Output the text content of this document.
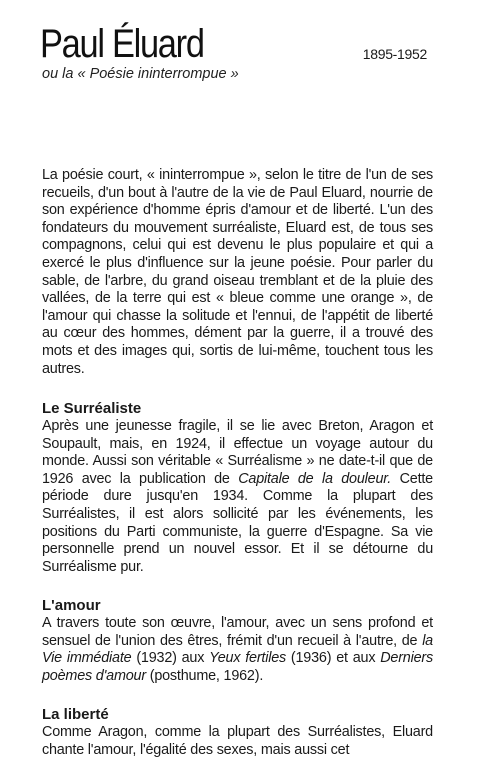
Paul Éluard	1895-1952
ou la « Poésie ininterrompue »

La poésie court, « ininterrompue », selon le titre de l'un de ses recueils, d'un bout à l'autre de la vie de Paul Eluard, nourrie de son expérience d'homme épris d'amour et de liberté. L'un des fondateurs du mouvement surréaliste, Eluard est, de tous ses compagnons, celui qui est devenu le plus populaire et qui a exercé le plus d'influence sur la jeune poésie. Pour parler du sable, de l'arbre, du grand oiseau tremblant et de la pluie des vallées, de la terre qui est « bleue comme une orange », de l'amour qui chasse la solitude et l'ennui, de l'appétit de liberté au cœur des hommes, dément par la guerre, il a trouvé des mots et des images qui, sortis de lui-même, touchent tous les autres.

Le Surréaliste

Après une jeunesse fragile, il se lie avec Breton, Aragon et Soupault, mais, en 1924, il effectue un voyage autour du monde. Aussi son véritable « Surréalisme » ne date-t-il que de 1926 avec la publication de Capitale de la douleur. Cette période dure jusqu'en 1934. Comme la plupart des Surréalistes, il est alors sollicité par les événements, les positions du Parti communiste, la guerre d'Espagne. Sa vie personnelle prend un nouvel essor. Et il se détourne du Surréalisme pur.

L'amour

A travers toute son œuvre, l'amour, avec un sens profond et sensuel de l'union des êtres, frémit d'un recueil à l'autre, de la Vie immédiate (1932) aux Yeux fertiles (1936) et aux Derniers poèmes d'amour (posthume, 1962).

La liberté

Comme Aragon, comme la plupart des Surréalistes, Eluard chante l'amour, l'égalité des sexes, mais aussi cet
